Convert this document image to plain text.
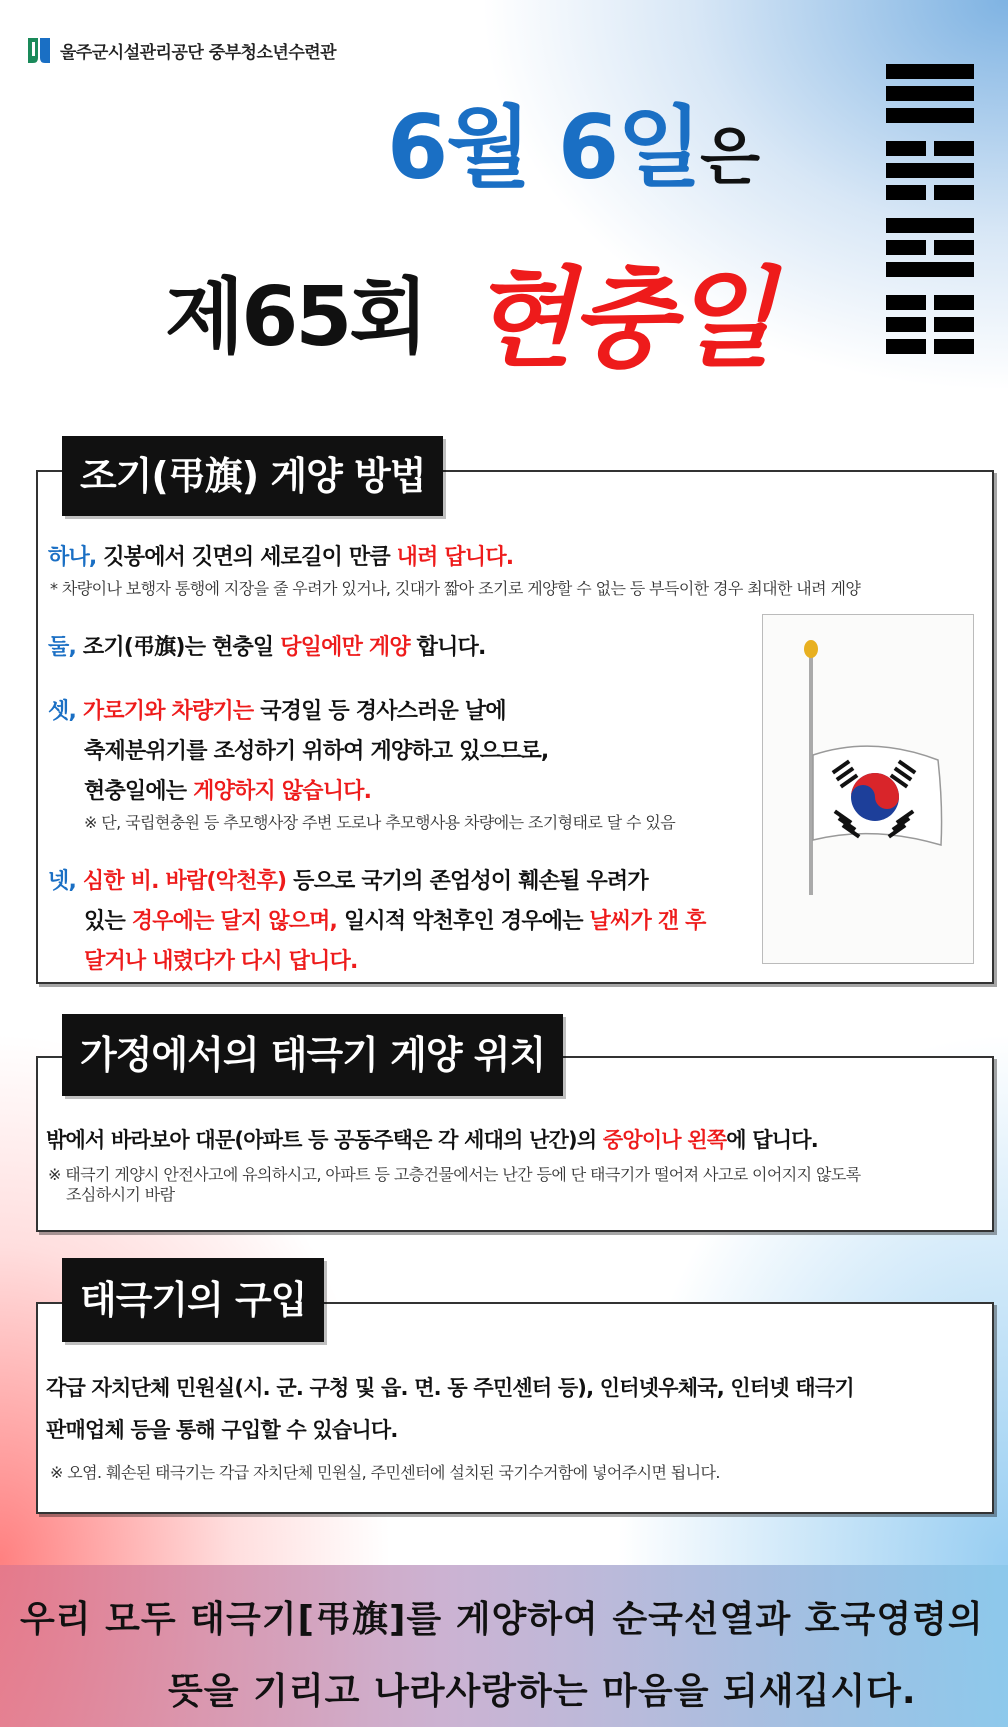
울주군시설관리공단 중부청소년수련관
6월 6일은
제65회 현충일
하나, 깃봉에서 깃면의 세로길이 만큼 내려 답니다.
* 차량이나 보행자 통행에 지장을 줄 우려가 있거나, 깃대가 짧아 조기로 게양할 수 없는 등 부득이한 경우 최대한 내려 게양
둘, 조기(弔旗)는 현충일 당일에만 게양 합니다.
셋, 가로기와 차량기는 국경일 등 경사스러운 날에
축제분위기를 조성하기 위하여 게양하고 있으므로,
현충일에는 게양하지 않습니다.
※ 단, 국립현충원 등 추모행사장 주변 도로나 추모행사용 차량에는 조기형태로 달 수 있음
넷, 심한 비. 바람(악천후) 등으로 국기의 존엄성이 훼손될 우려가
있는 경우에는 달지 않으며, 일시적 악천후인 경우에는 날씨가 갠 후
달거나 내렸다가 다시 답니다.
조기(弔旗) 게양 방법
밖에서 바라보아 대문(아파트 등 공동주택은 각 세대의 난간)의 중앙이나 왼쪽에 답니다.
※ 태극기 게양시 안전사고에 유의하시고, 아파트 등 고층건물에서는 난간 등에 단 태극기가 떨어져 사고로 이어지지 않도록
조심하시기 바람
가정에서의 태극기 게양 위치
각급 자치단체 민원실(시. 군. 구청 및 읍. 면. 동 주민센터 등), 인터넷우체국, 인터넷 태극기
판매업체 등을 통해 구입할 수 있습니다.
※ 오염. 훼손된 태극기는 각급 자치단체 민원실, 주민센터에 설치된 국기수거함에 넣어주시면 됩니다.
태극기의 구입
우리 모두 태극기[弔旗]를 게양하여 순국선열과 호국영령의
뜻을 기리고 나라사랑하는 마음을 되새깁시다.
